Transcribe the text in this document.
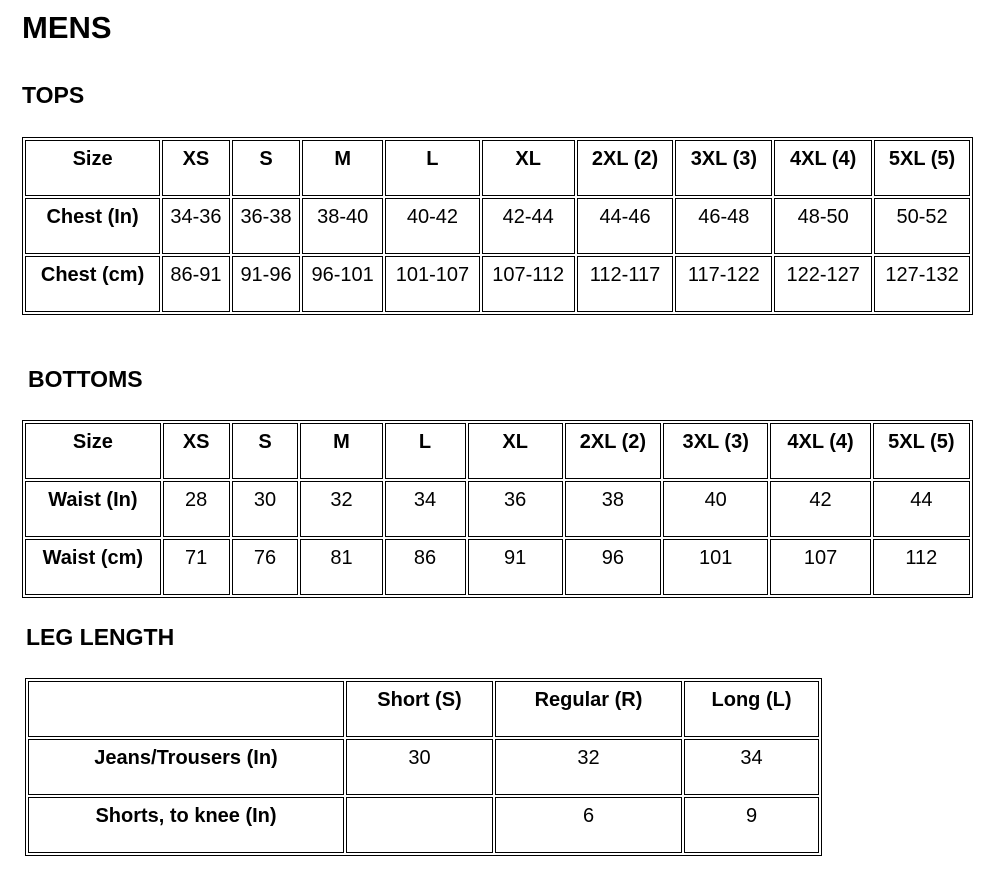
MENS
TOPS
Size	XS	S	M	L	XL	2XL (2)	3XL (3)	4XL (4)	5XL (5)
Chest (In)	34-36	36-38	38-40	40-42	42-44	44-46	46-48	48-50	50-52
Chest (cm)	86-91	91-96	96-101	101-107	107-112	112-117	117-122	122-127	127-132
BOTTOMS
Size	XS	S	M	L	XL	2XL (2)	3XL (3)	4XL (4)	5XL (5)
Waist (In)	28	30	32	34	36	38	40	42	44
Waist (cm)	71	76	81	86	91	96	101	107	112
LEG LENGTH
	Short (S)	Regular (R)	Long (L)
Jeans/Trousers (In)	30	32	34
Shorts, to knee (In)		6	9
